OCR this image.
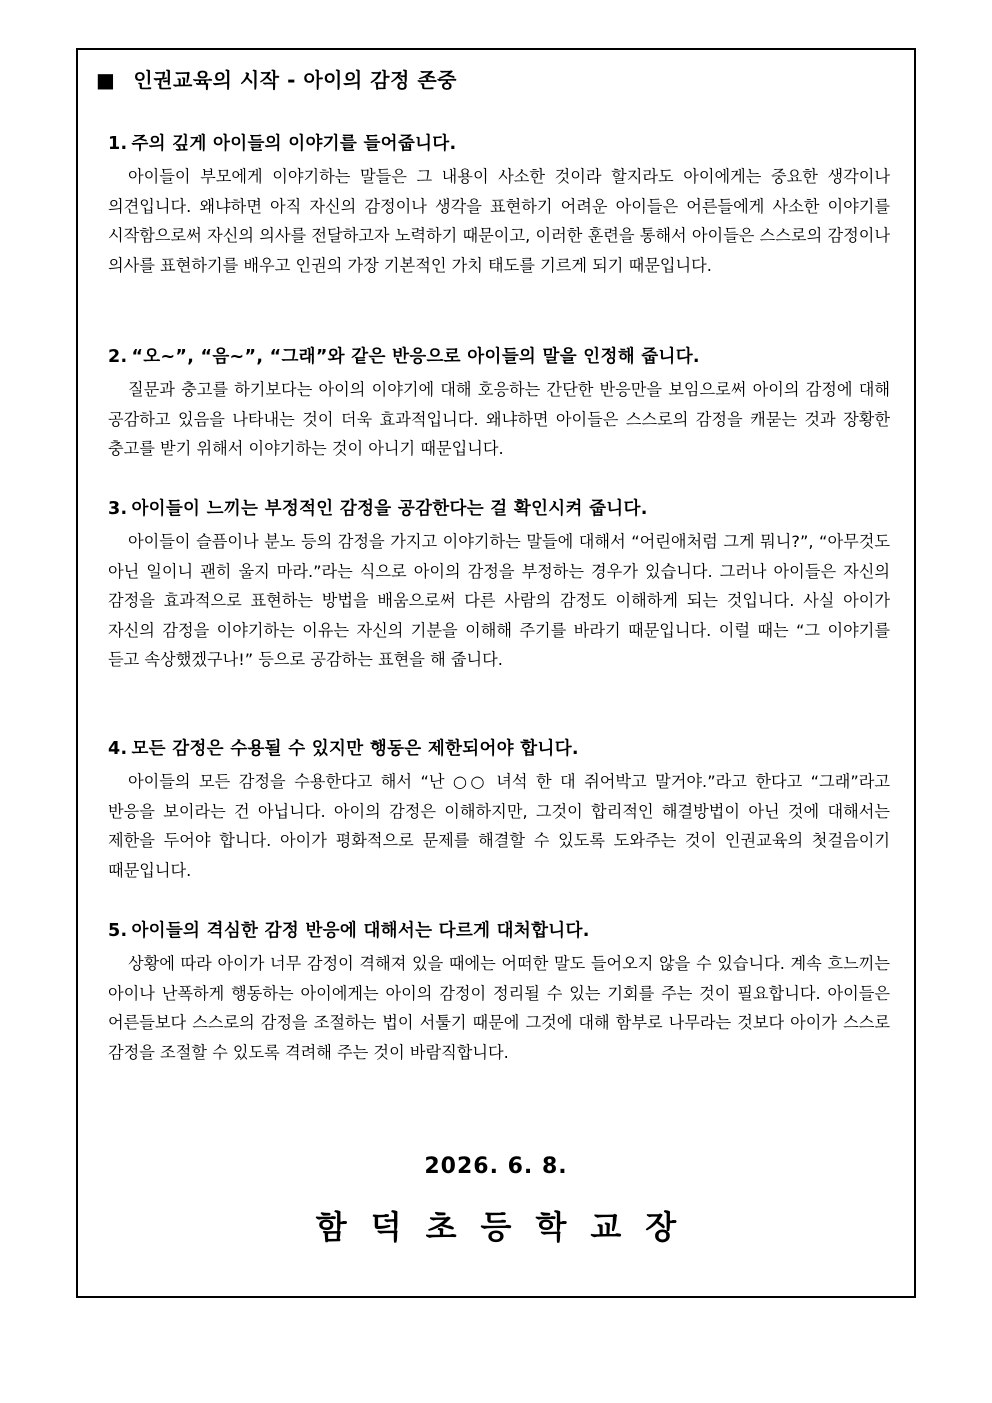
■ 인권교육의 시작 - 아이의 감정 존중
1. 주의 깊게 아이들의 이야기를 들어줍니다.

아이들이 부모에게 이야기하는 말들은 그 내용이 사소한 것이라 할지라도 아이에게는 중요한 생각이나 의견입니다. 왜냐하면 아직 자신의 감정이나 생각을 표현하기 어려운 아이들은 어른들에게 사소한 이야기를 시작함으로써 자신의 의사를 전달하고자 노력하기 때문이고, 이러한 훈련을 통해서 아이들은 스스로의 감정이나 의사를 표현하기를 배우고 인권의 가장 기본적인 가치 태도를 기르게 되기 때문입니다.

2. “오~”, “음~”, “그래”와 같은 반응으로 아이들의 말을 인정해 줍니다.

질문과 충고를 하기보다는 아이의 이야기에 대해 호응하는 간단한 반응만을 보임으로써 아이의 감정에 대해 공감하고 있음을 나타내는 것이 더욱 효과적입니다. 왜냐하면 아이들은 스스로의 감정을 캐묻는 것과 장황한 충고를 받기 위해서 이야기하는 것이 아니기 때문입니다.

3. 아이들이 느끼는 부정적인 감정을 공감한다는 걸 확인시켜 줍니다.

아이들이 슬픔이나 분노 등의 감정을 가지고 이야기하는 말들에 대해서 “어린애처럼 그게 뭐니?”, “아무것도 아닌 일이니 괜히 울지 마라.”라는 식으로 아이의 감정을 부정하는 경우가 있습니다. 그러나 아이들은 자신의 감정을 효과적으로 표현하는 방법을 배움으로써 다른 사람의 감정도 이해하게 되는 것입니다. 사실 아이가 자신의 감정을 이야기하는 이유는 자신의 기분을 이해해 주기를 바라기 때문입니다. 이럴 때는 “그 이야기를 듣고 속상했겠구나!” 등으로 공감하는 표현을 해 줍니다.

4. 모든 감정은 수용될 수 있지만 행동은 제한되어야 합니다.

아이들의 모든 감정을 수용한다고 해서 “난 ○○ 녀석 한 대 쥐어박고 말거야.”라고 한다고 “그래”라고 반응을 보이라는 건 아닙니다. 아이의 감정은 이해하지만, 그것이 합리적인 해결방법이 아닌 것에 대해서는 제한을 두어야 합니다. 아이가 평화적으로 문제를 해결할 수 있도록 도와주는 것이 인권교육의 첫걸음이기 때문입니다.

5. 아이들의 격심한 감정 반응에 대해서는 다르게 대처합니다.

상황에 따라 아이가 너무 감정이 격해져 있을 때에는 어떠한 말도 들어오지 않을 수 있습니다. 계속 흐느끼는 아이나 난폭하게 행동하는 아이에게는 아이의 감정이 정리될 수 있는 기회를 주는 것이 필요합니다. 아이들은 어른들보다 스스로의 감정을 조절하는 법이 서툴기 때문에 그것에 대해 함부로 나무라는 것보다 아이가 스스로 감정을 조절할 수 있도록 격려해 주는 것이 바람직합니다.

2026. 6. 8.
함덕초등학교장
